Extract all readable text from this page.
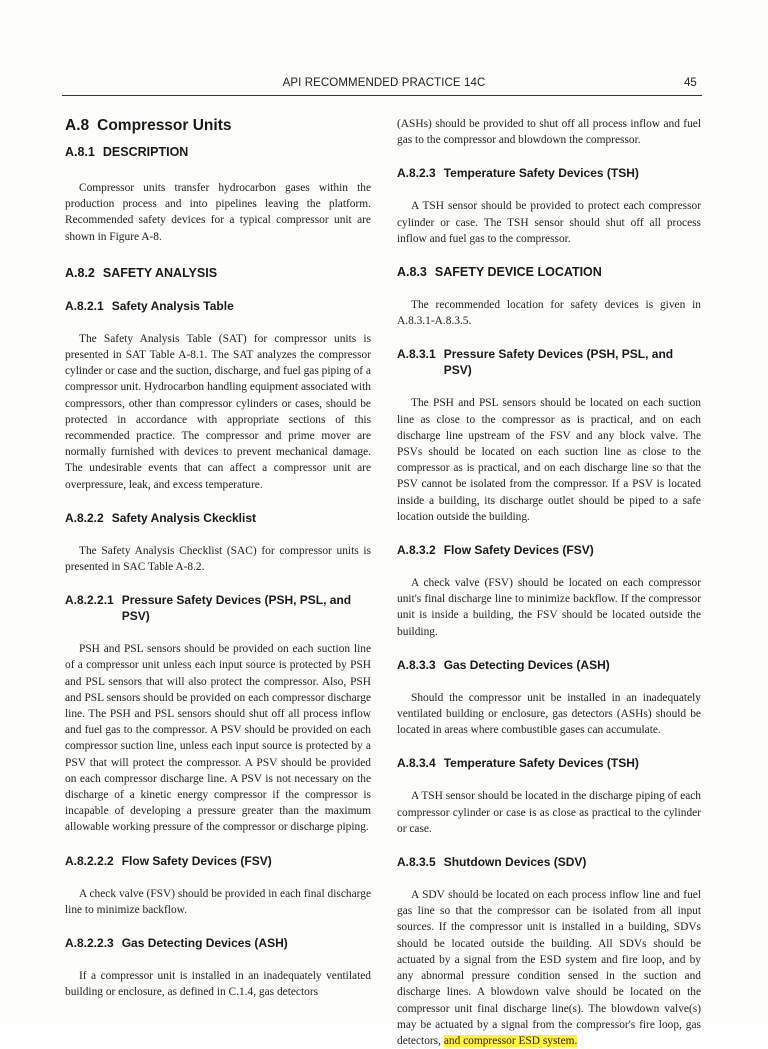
API RECOMMENDED PRACTICE 14C	45
A.8 Compressor Units
A.8.1 DESCRIPTION

Compressor units transfer hydrocarbon gases within the production process and into pipelines leaving the platform. Recommended safety devices for a typical compressor unit are shown in Figure A-8.

A.8.2 SAFETY ANALYSIS
A.8.2.1 Safety Analysis Table

The Safety Analysis Table (SAT) for compressor units is presented in SAT Table A-8.1. The SAT analyzes the compressor cylinder or case and the suction, discharge, and fuel gas piping of a compressor unit. Hydrocarbon handling equipment associated with compressors, other than compressor cylinders or cases, should be protected in accordance with appropriate sections of this recommended practice. The compressor and prime mover are normally furnished with devices to prevent mechanical damage. The undesirable events that can affect a compressor unit are overpressure, leak, and excess temperature.

A.8.2.2 Safety Analysis Ckecklist

The Safety Analysis Checklist (SAC) for compressor units is presented in SAC Table A-8.2.

A.8.2.2.1 Pressure Safety Devices (PSH, PSL, and PSV)

PSH and PSL sensors should be provided on each suction line of a compressor unit unless each input source is protected by PSH and PSL sensors that will also protect the compressor. Also, PSH and PSL sensors should be provided on each compressor discharge line. The PSH and PSL sensors should shut off all process inflow and fuel gas to the compressor. A PSV should be provided on each compressor suction line, unless each input source is protected by a PSV that will protect the compressor. A PSV should be provided on each compressor discharge line. A PSV is not necessary on the discharge of a kinetic energy compressor if the compressor is incapable of developing a pressure greater than the maximum allowable working pressure of the compressor or discharge piping.

A.8.2.2.2 Flow Safety Devices (FSV)

A check valve (FSV) should be provided in each final discharge line to minimize backflow.

A.8.2.2.3 Gas Detecting Devices (ASH)

If a compressor unit is installed in an inadequately ventilated building or enclosure, as defined in C.1.4, gas detectors

(ASHs) should be provided to shut off all process inflow and fuel gas to the compressor and blowdown the compressor.

A.8.2.3 Temperature Safety Devices (TSH)

A TSH sensor should be provided to protect each compressor cylinder or case. The TSH sensor should shut off all process inflow and fuel gas to the compressor.

A.8.3 SAFETY DEVICE LOCATION

The recommended location for safety devices is given in A.8.3.1-A.8.3.5.

A.8.3.1 Pressure Safety Devices (PSH, PSL, and PSV)

The PSH and PSL sensors should be located on each suction line as close to the compressor as is practical, and on each discharge line upstream of the FSV and any block valve. The PSVs should be located on each suction line as close to the compressor as is practical, and on each discharge line so that the PSV cannot be isolated from the compressor. If a PSV is located inside a building, its discharge outlet should be piped to a safe location outside the building.

A.8.3.2 Flow Safety Devices (FSV)

A check valve (FSV) should be located on each compressor unit's final discharge line to minimize backflow. If the compressor unit is inside a building, the FSV should be located outside the building.

A.8.3.3 Gas Detecting Devices (ASH)

Should the compressor unit be installed in an inadequately ventilated building or enclosure, gas detectors (ASHs) should be located in areas where combustible gases can accumulate.

A.8.3.4 Temperature Safety Devices (TSH)

A TSH sensor should be located in the discharge piping of each compressor cylinder or case is as close as practical to the cylinder or case.

A.8.3.5 Shutdown Devices (SDV)

A SDV should be located on each process inflow line and fuel gas line so that the compressor can be isolated from all input sources. If the compressor unit is installed in a building, SDVs should be located outside the building. All SDVs should be actuated by a signal from the ESD system and fire loop, and by any abnormal pressure condition sensed in the suction and discharge lines. A blowdown valve should be located on the compressor unit final discharge line(s). The blowdown valve(s) may be actuated by a signal from the compressor's fire loop, gas detectors, and compressor ESD system.
